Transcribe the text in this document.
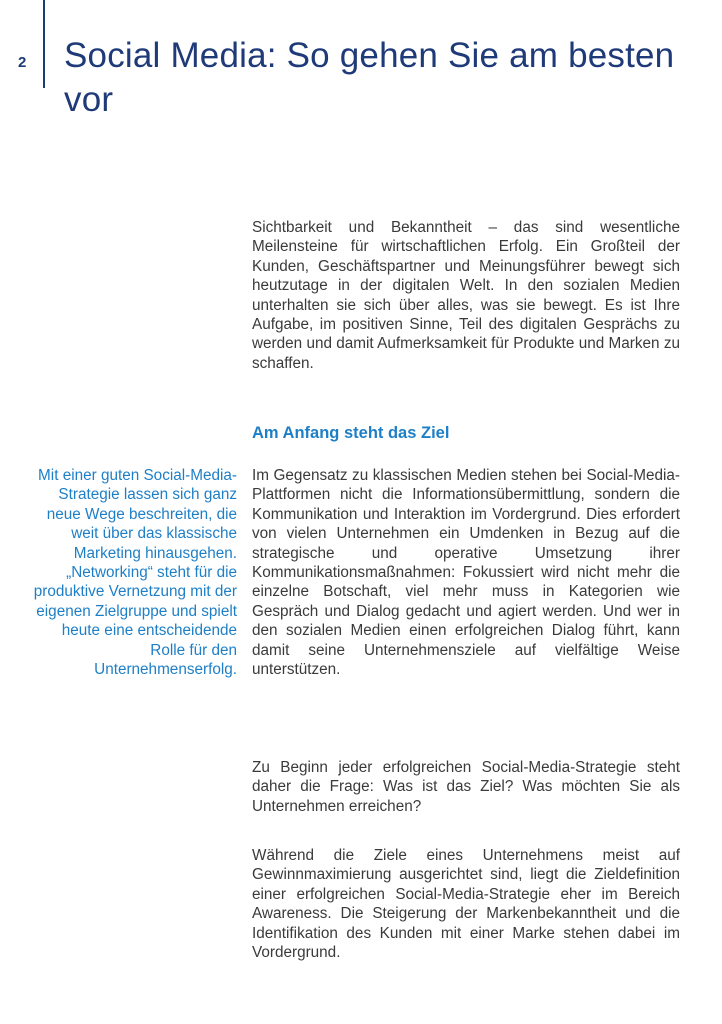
2 Social Media: So gehen Sie am besten vor

Sichtbarkeit und Bekanntheit – das sind wesentliche Meilensteine für wirtschaftlichen Erfolg. Ein Großteil der Kunden, Geschäftspartner und Meinungsführer bewegt sich heutzutage in der digitalen Welt. In den sozialen Medien unterhalten sie sich über alles, was sie bewegt. Es ist Ihre Aufgabe, im positiven Sinne, Teil des digitalen Gesprächs zu werden und damit Aufmerksamkeit für Produkte und Marken zu schaffen.

Am Anfang steht das Ziel

Mit einer guten Social-Media-Strategie lassen sich ganz neue Wege beschreiten, die weit über das klassische Marketing hinausgehen. „Networking“ steht für die produktive Vernetzung mit der eigenen Zielgruppe und spielt heute eine entscheidende Rolle für den Unternehmenserfolg.

Im Gegensatz zu klassischen Medien stehen bei Social-Media-Plattformen nicht die Informationsübermittlung, sondern die Kommunikation und Interaktion im Vordergrund. Dies erfordert von vielen Unternehmen ein Umdenken in Bezug auf die strategische und operative Umsetzung ihrer Kommunikationsmaßnahmen: Fokussiert wird nicht mehr die einzelne Botschaft, viel mehr muss in Kategorien wie Gespräch und Dialog gedacht und agiert werden. Und wer in den sozialen Medien einen erfolgreichen Dialog führt, kann damit seine Unternehmensziele auf vielfältige Weise unterstützen.

Zu Beginn jeder erfolgreichen Social-Media-Strategie steht daher die Frage: Was ist das Ziel? Was möchten Sie als Unternehmen erreichen?

Während die Ziele eines Unternehmens meist auf Gewinnmaximierung ausgerichtet sind, liegt die Zieldefinition einer erfolgreichen Social-Media-Strategie eher im Bereich Awareness. Die Steigerung der Markenbekanntheit und die Identifikation des Kunden mit einer Marke stehen dabei im Vordergrund.
